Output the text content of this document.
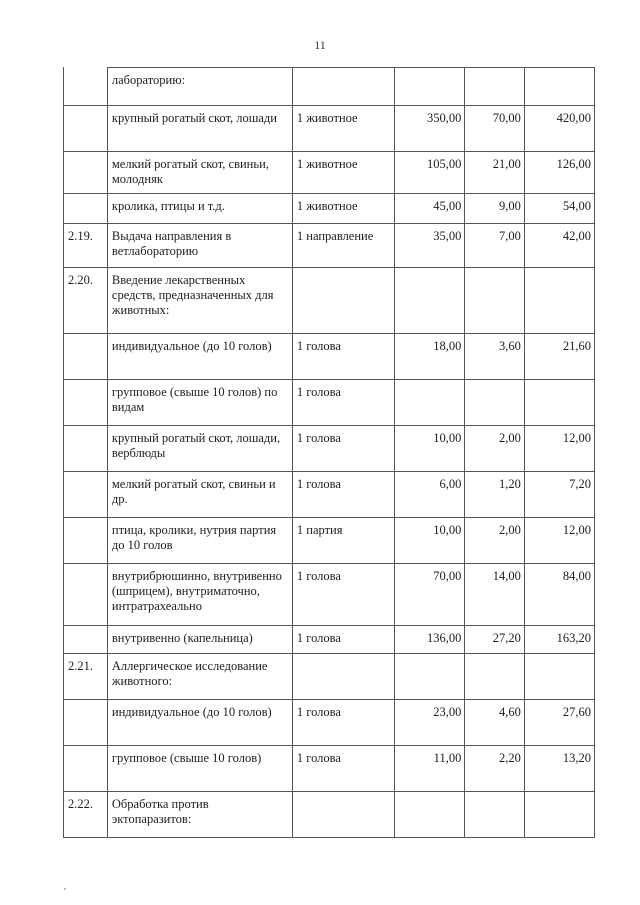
11
	лабораторию:				
	крупный рогатый скот, лошади	1 животное	350,00	70,00	420,00
	мелкий рогатый скот, свиньи, молодняк	1 животное	105,00	21,00	126,00
	кролика, птицы и т.д.	1 животное	45,00	9,00	54,00
2.19.	Выдача направления в ветлабораторию	1 направление	35,00	7,00	42,00
2.20.	Введение лекарственных средств, предназначенных для животных:				
	индивидуальное (до 10 голов)	1 голова	18,00	3,60	21,60
	групповое (свыше 10 голов) по видам	1 голова			
	крупный рогатый скот, лошади, верблюды	1 голова	10,00	2,00	12,00
	мелкий рогатый скот, свиньи и др.	1 голова	6,00	1,20	7,20
	птица, кролики, нутрия партия до 10 голов	1 партия	10,00	2,00	12,00
	внутрибрюшинно, внутривенно (шприцем), внутриматочно, интратрахеально	1 голова	70,00	14,00	84,00
	внутривенно (капельница)	1 голова	136,00	27,20	163,20
2.21.	Аллергическое исследование животного:				
	индивидуальное (до 10 голов)	1 голова	23,00	4,60	27,60
	групповое (свыше 10 голов)	1 голова	11,00	2,20	13,20
2.22.	Обработка против эктопаразитов:				
